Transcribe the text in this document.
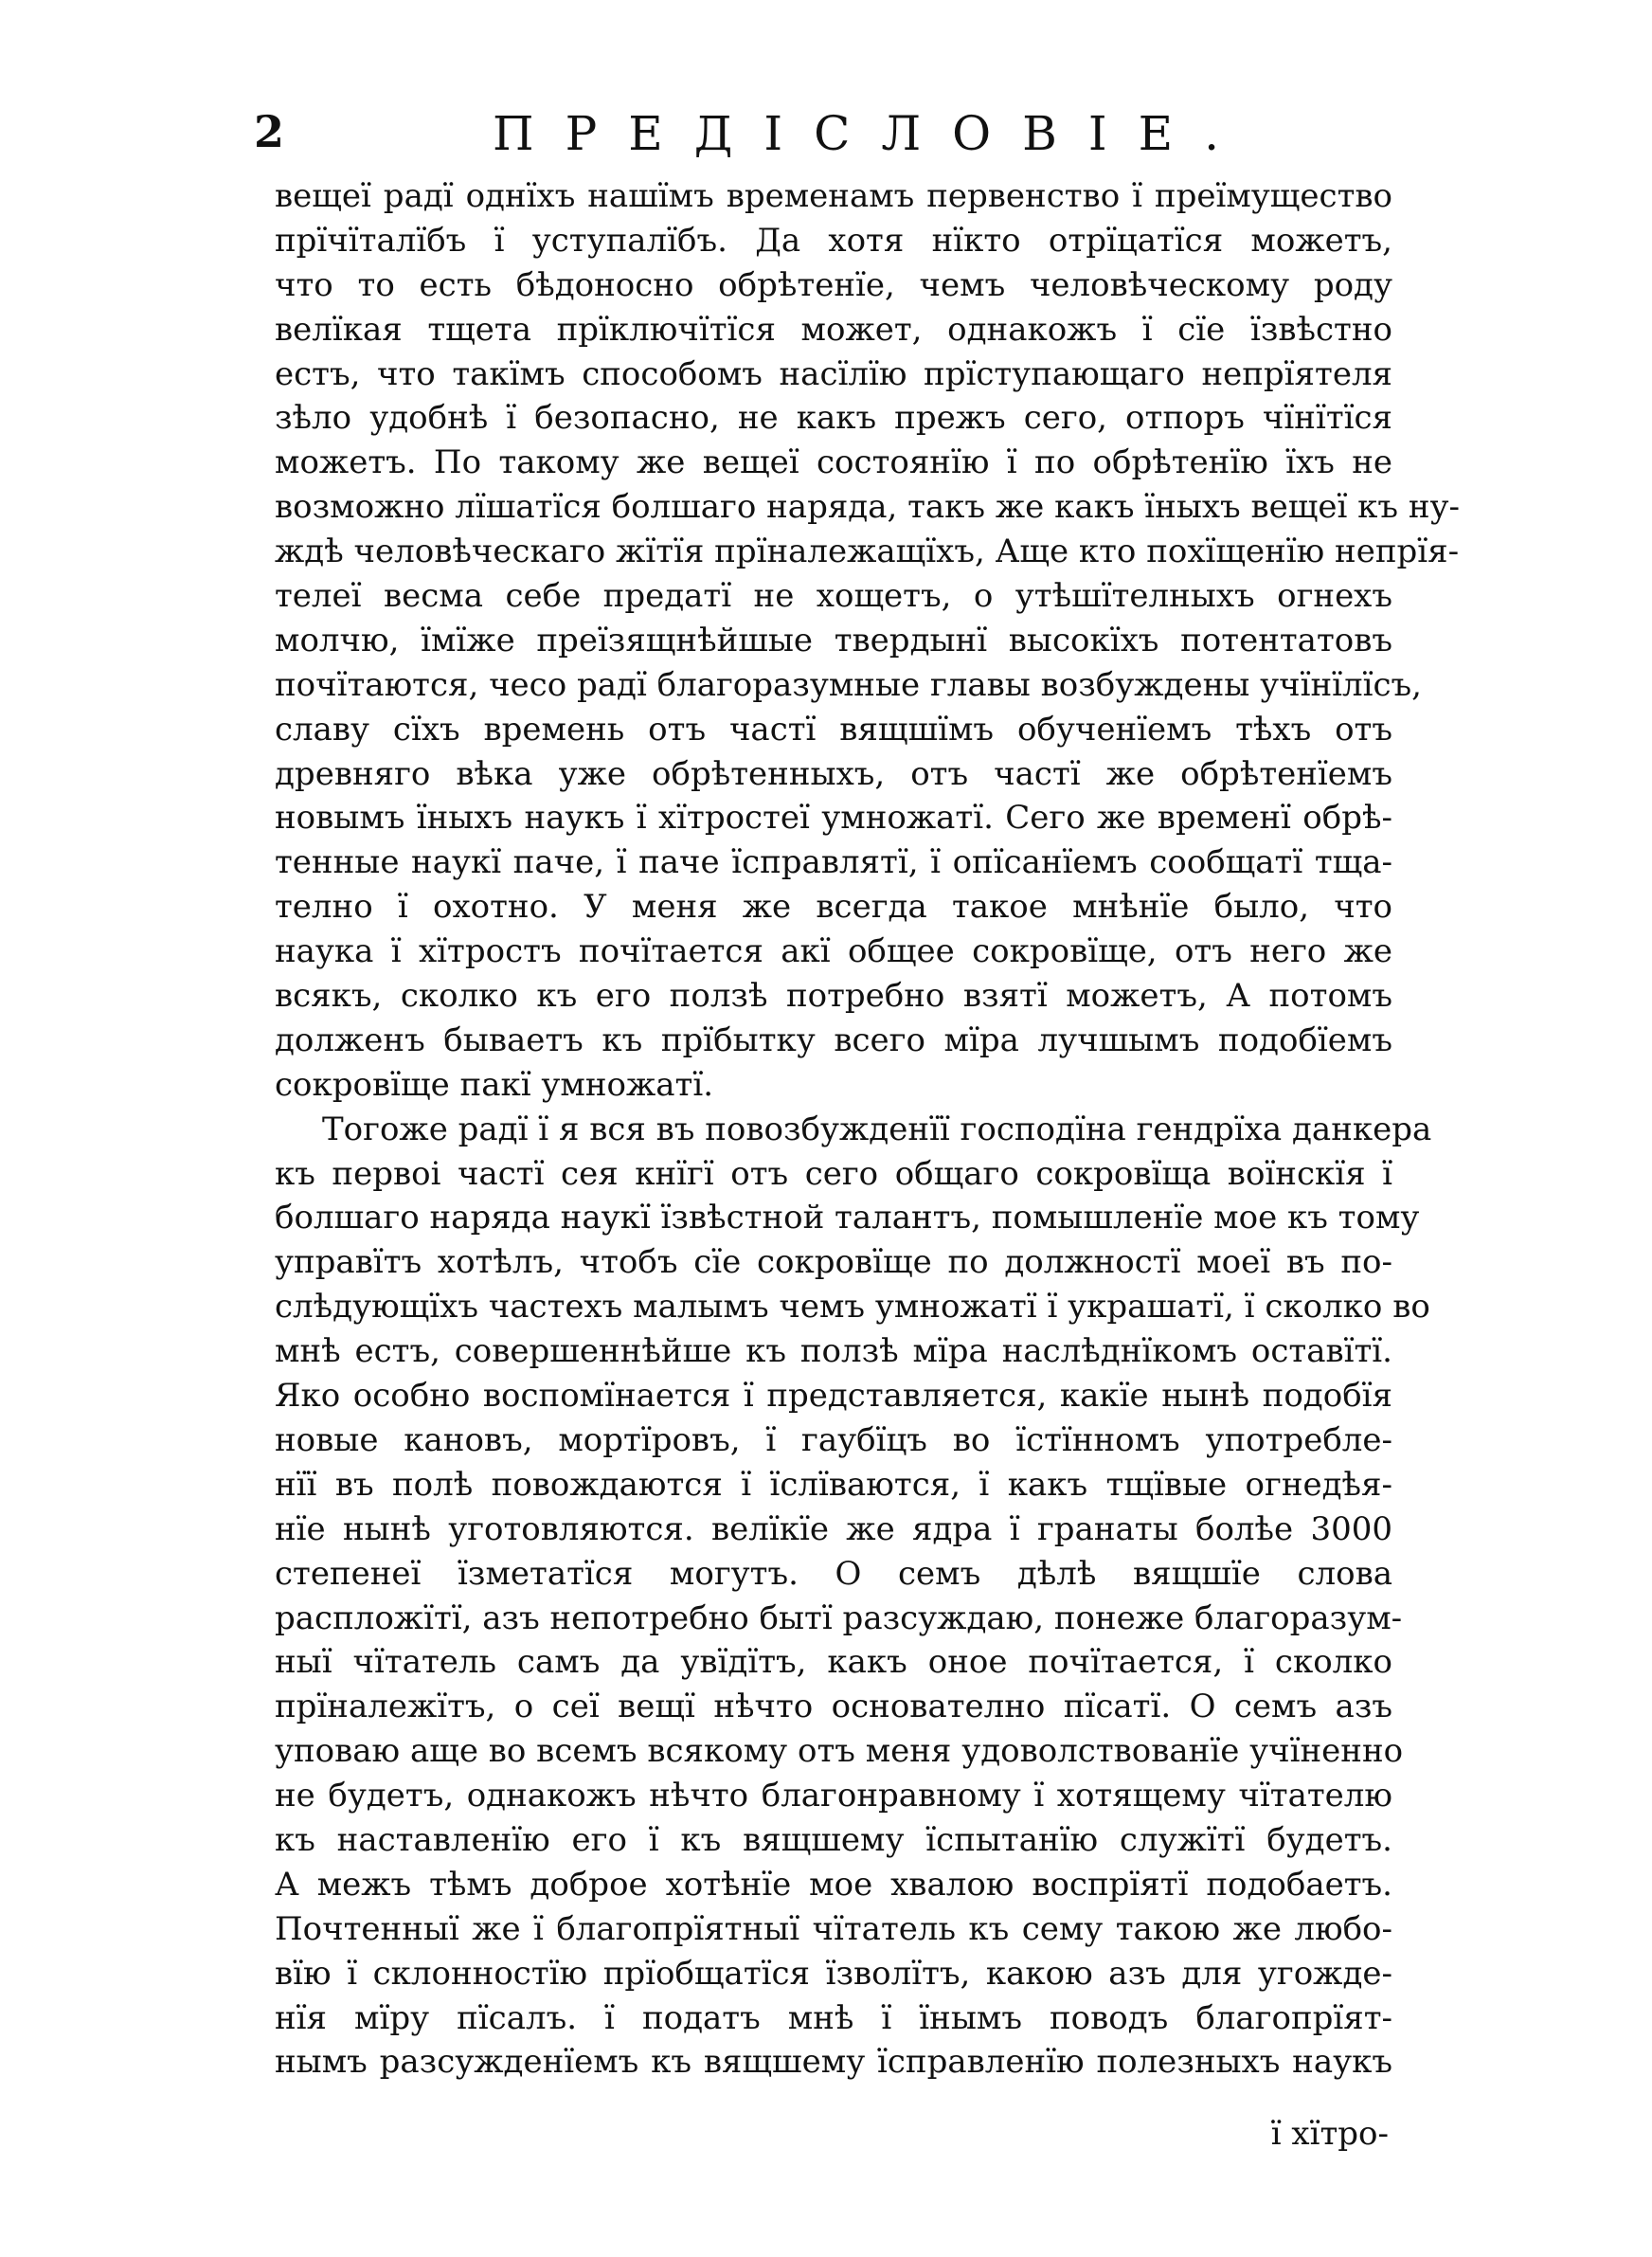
2	ПРЕДІСЛОВІЕ.
вещеї радї однїхъ нашїмъ временамъ первенство ї преїмущество
прїчїталїбъ ї уступалїбъ. Да хотя нїкто отрїцатїся можетъ,
что то есть бѣдоносно обрѣтенїе, чемъ человѣческому роду
велїкая тщета прїключїтїся может, однакожъ ї сїе їзвѣстно
естъ, что такїмъ способомъ насїлїю прїступающаго непрїятеля
зѣло удобнѣ ї безопасно, не какъ прежъ сего, отпоръ чїнїтїся
можетъ. По такому же вещеї состоянїю ї по обрѣтенїю їхъ не
возможно лїшатїся болшаго наряда, такъ же какъ їныхъ вещеї къ ну-
ждѣ человѣческаго жїтїя прїналежащїхъ, Аще кто похїщенїю непрїя-
телеї весма себе предатї не хощетъ, о утѣшїтелныхъ огнехъ
молчю, їмїже преїзящнѣйшые твердынї высокїхъ потентатовъ
почїтаются, чесо радї благоразумные главы возбуждены учїнїлїсъ,
славу сїхъ времень отъ частї вящшїмъ обученїемъ тѣхъ отъ
древняго вѣка уже обрѣтенныхъ, отъ частї же обрѣтенїемъ
новымъ їныхъ наукъ ї хїтростеї умножатї. Сего же временї обрѣ-
тенные наукї паче, ї паче їсправлятї, ї опїсанїемъ сообщатї тща-
телно ї охотно. У меня же всегда такое мнѣнїе было, что
наука ї хїтростъ почїтается акї общее сокровїще, отъ него же
всякъ, сколко къ его ползѣ потребно взятї можетъ, А потомъ
долженъ бываетъ къ прїбытку всего мїра лучшымъ подобїемъ
сокровїще пакї умножатї.
Тогоже радї ї я вся въ повозбужденїї господїна гендрїха данкера
къ первоі частї сея кнїгї отъ сего общаго сокровїща воїнскїя ї
болшаго наряда наукї їзвѣстной талантъ, помышленїе мое къ тому
управїтъ хотѣлъ, чтобъ сїе сокровїще по должностї моеї въ по-
слѣдующїхъ частехъ малымъ чемъ умножатї ї украшатї, ї сколко во
мнѣ естъ, совершеннѣйше къ ползѣ мїра наслѣднїкомъ оставїтї.
Яко особно воспомїнается ї представляется, какїе нынѣ подобїя
новые кановъ, мортїровъ, ї гаубїцъ во їстїнномъ употребле-
нїї въ полѣ повождаются ї їслїваются, ї какъ тщївые огнедѣя-
нїе нынѣ уготовляются. велїкїе же ядра ї гранаты болѣе 3000
степенеї їзметатїся могутъ. О семъ дѣлѣ вящшїе слова
распложїтї, азъ непотребно бытї разсуждаю, понеже благоразум-
ныї чїтатель самъ да увїдїтъ, какъ оное почїтается, ї сколко
прїналежїтъ, о сеї вещї нѣчто основателно пїсатї. О семъ азъ
уповаю аще во всемъ всякому отъ меня удоволствованїе учїненно
не будетъ, однакожъ нѣчто благонравному ї хотящему чїтателю
къ наставленїю его ї къ вящшему їспытанїю служїтї будетъ.
А межъ тѣмъ доброе хотѣнїе мое хвалою воспрїятї подобаетъ.
Почтенныї же ї благопрїятныї чїтатель къ сему такою же любо-
вїю ї склонностїю прїобщатїся їзволїтъ, какою азъ для угожде-
нїя мїру пїсалъ. ї податъ мнѣ ї їнымъ поводъ благопрїят-
нымъ разсужденїемъ къ вящшему їсправленїю полезныхъ наукъ
ї хїтро-
